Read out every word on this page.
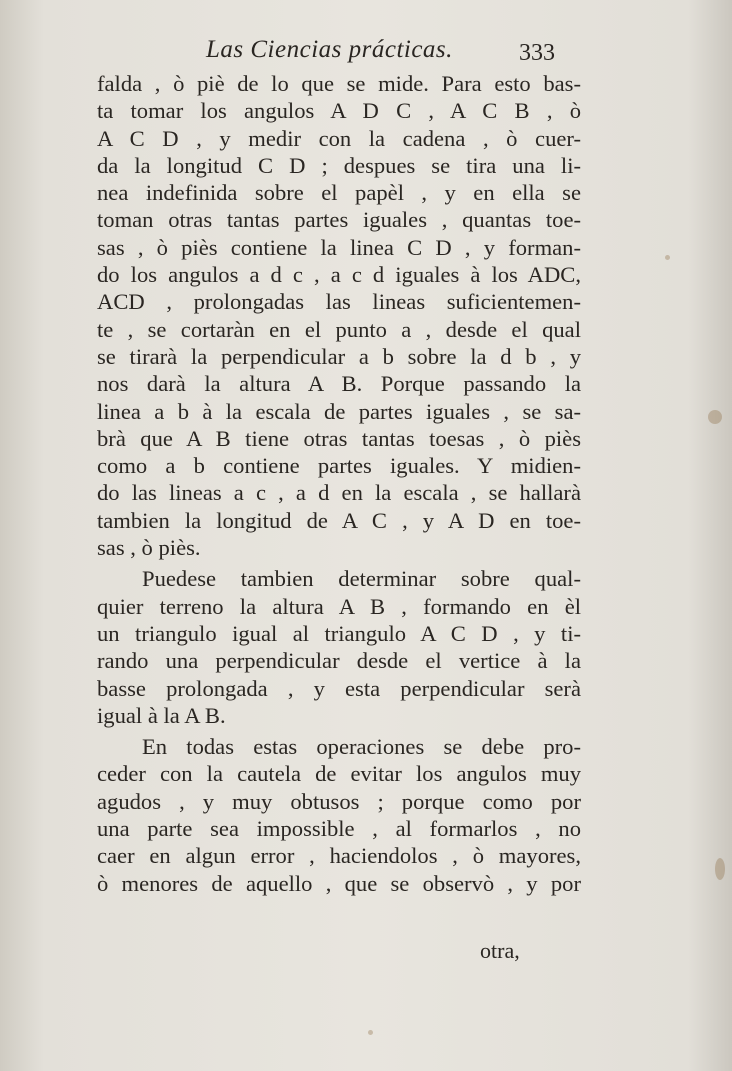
Las Ciencias prácticas.	333
falda , ò piè de lo que se mide. Para esto bas-
ta tomar los angulos A D C , A C B , ò
A C D , y medir con la cadena , ò cuer-
da la longitud C D ; despues se tira una li-
nea indefinida sobre el papèl , y en ella se
toman otras tantas partes iguales , quantas toe-
sas , ò piès contiene la linea C D , y forman-
do los angulos a d c , a c d iguales à los ADC,
ACD , prolongadas las lineas suficientemen-
te , se cortaràn en el punto a , desde el qual
se tirarà la perpendicular a b sobre la d b , y
nos darà la altura A B. Porque passando la
linea a b à la escala de partes iguales , se sa-
brà que A B tiene otras tantas toesas , ò piès
como a b contiene partes iguales. Y midien-
do las lineas a c , a d en la escala , se hallarà
tambien la longitud de A C , y A D en toe-
sas , ò piès.
Puedese tambien determinar sobre qual-
quier terreno la altura A B , formando en èl
un triangulo igual al triangulo A C D , y ti-
rando una perpendicular desde el vertice à la
basse prolongada , y esta perpendicular serà
igual à la A B.
En todas estas operaciones se debe pro-
ceder con la cautela de evitar los angulos muy
agudos , y muy obtusos ; porque como por
una parte sea impossible , al formarlos , no
caer en algun error , haciendolos , ò mayores,
ò menores de aquello , que se observò , y por
otra,
